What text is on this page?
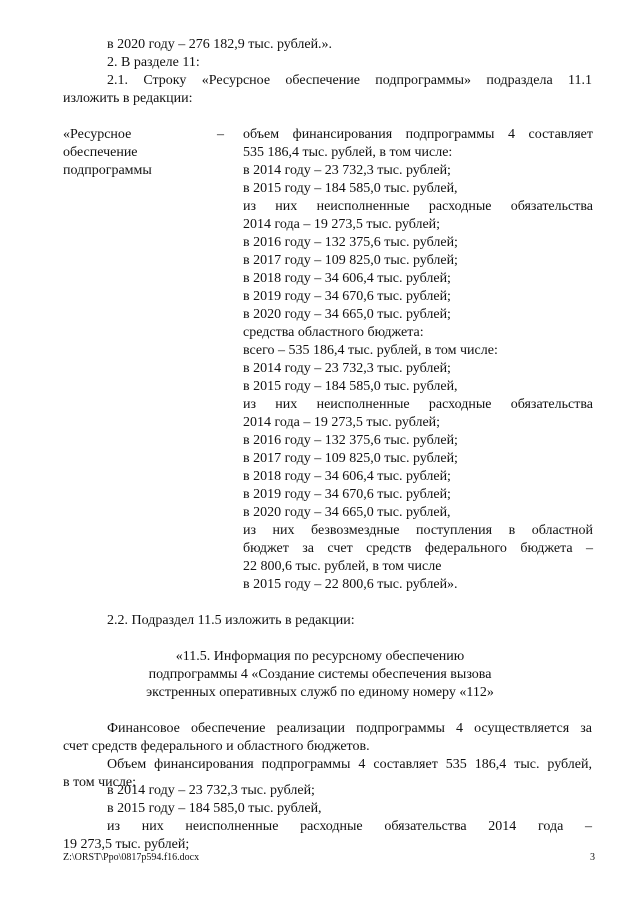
в 2020 году – 276 182,9 тыс. рублей.».
2. В разделе 11:
2.1. Строку «Ресурсное обеспечение подпрограммы» подраздела 11.1
изложить в редакции:
«Ресурсное
обеспечение
подпрограммы
– объем финансирования подпрограммы 4 составляет
535 186,4 тыс. рублей, в том числе:
в 2014 году – 23 732,3 тыс. рублей;
в 2015 году – 184 585,0 тыс. рублей,
из них неисполненные расходные обязательства
2014 года – 19 273,5 тыс. рублей;
в 2016 году – 132 375,6 тыс. рублей;
в 2017 году – 109 825,0 тыс. рублей;
в 2018 году – 34 606,4 тыс. рублей;
в 2019 году – 34 670,6 тыс. рублей;
в 2020 году – 34 665,0 тыс. рублей;
средства областного бюджета:
всего – 535 186,4 тыс. рублей, в том числе:
в 2014 году – 23 732,3 тыс. рублей;
в 2015 году – 184 585,0 тыс. рублей,
из них неисполненные расходные обязательства
2014 года – 19 273,5 тыс. рублей;
в 2016 году – 132 375,6 тыс. рублей;
в 2017 году – 109 825,0 тыс. рублей;
в 2018 году – 34 606,4 тыс. рублей;
в 2019 году – 34 670,6 тыс. рублей;
в 2020 году – 34 665,0 тыс. рублей,
из них безвозмездные поступления в областной
бюджет за счет средств федерального бюджета –
22 800,6 тыс. рублей, в том числе
в 2015 году – 22 800,6 тыс. рублей».
2.2. Подраздел 11.5 изложить в редакции:
«11.5. Информация по ресурсному обеспечению
подпрограммы 4 «Создание системы обеспечения вызова
экстренных оперативных служб по единому номеру «112»
Финансовое обеспечение реализации подпрограммы 4 осуществляется за
счет средств федерального и областного бюджетов.
Объем финансирования подпрограммы 4 составляет 535 186,4 тыс. рублей,
в том числе:
в 2014 году – 23 732,3 тыс. рублей;
в 2015 году – 184 585,0 тыс. рублей,
из них неисполненные расходные обязательства 2014 года –
Z:\ORST\Ppo\0817p594.f16.docx	3
19 273,5 тыс. рублей;
